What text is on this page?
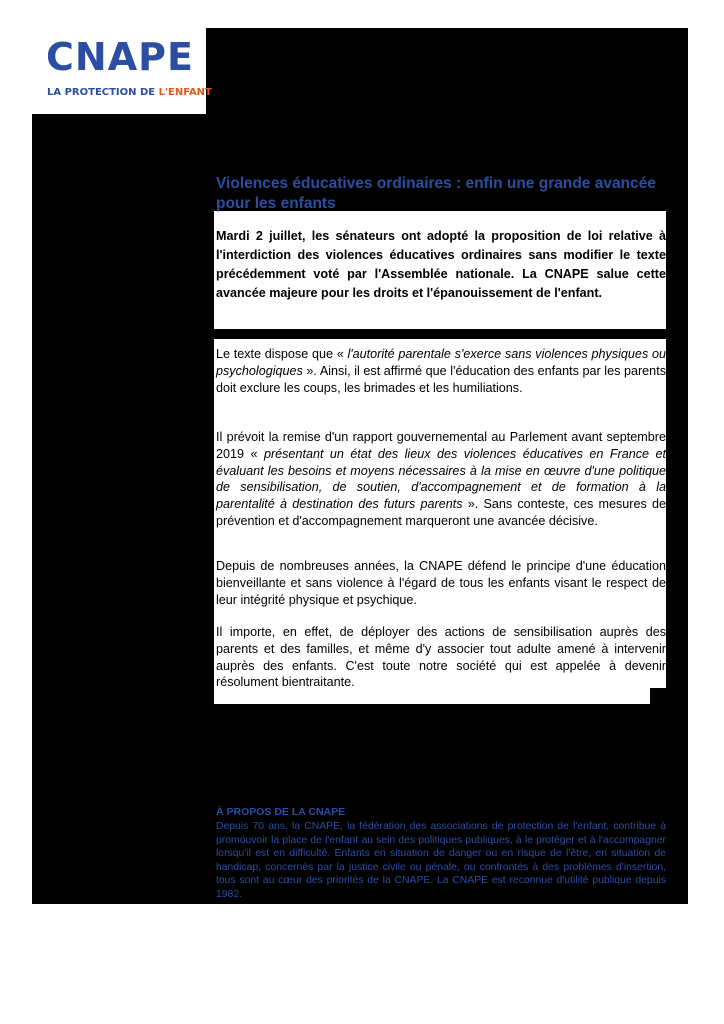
CNAPE
LA PROTECTION DE L'ENFANT
Violences éducatives ordinaires : enfin une grande avancée pour les enfants

Mardi 2 juillet, les sénateurs ont adopté la proposition de loi relative à l'interdiction des violences éducatives ordinaires sans modifier le texte précédemment voté par l'Assemblée nationale. La CNAPE salue cette avancée majeure pour les droits et l'épanouissement de l'enfant.

Le texte dispose que « l'autorité parentale s'exerce sans violences physiques ou psychologiques ». Ainsi, il est affirmé que l'éducation des enfants par les parents doit exclure les coups, les brimades et les humiliations.

Il prévoit la remise d'un rapport gouvernemental au Parlement avant septembre 2019 « présentant un état des lieux des violences éducatives en France et évaluant les besoins et moyens nécessaires à la mise en œuvre d'une politique de sensibilisation, de soutien, d'accompagnement et de formation à la parentalité à destination des futurs parents ». Sans conteste, ces mesures de prévention et d'accompagnement marqueront une avancée décisive.

Depuis de nombreuses années, la CNAPE défend le principe d'une éducation bienveillante et sans violence à l'égard de tous les enfants visant le respect de leur intégrité physique et psychique.

Il importe, en effet, de déployer des actions de sensibilisation auprès des parents et des familles, et même d'y associer tout adulte amené à intervenir auprès des enfants. C'est toute notre société qui est appelée à devenir résolument bientraitante.

À PROPOS DE LA CNAPE

Depuis 70 ans, la CNAPE, la fédération des associations de protection de l'enfant, contribue à promouvoir la place de l'enfant au sein des politiques publiques, à le protéger et à l'accompagner lorsqu'il est en difficulté. Enfants en situation de danger ou en risque de l'être, en situation de handicap, concernés par la justice civile ou pénale, ou confrontés à des problèmes d'insertion, tous sont au cœur des priorités de la CNAPE. La CNAPE est reconnue d'utilité publique depuis 1982.
